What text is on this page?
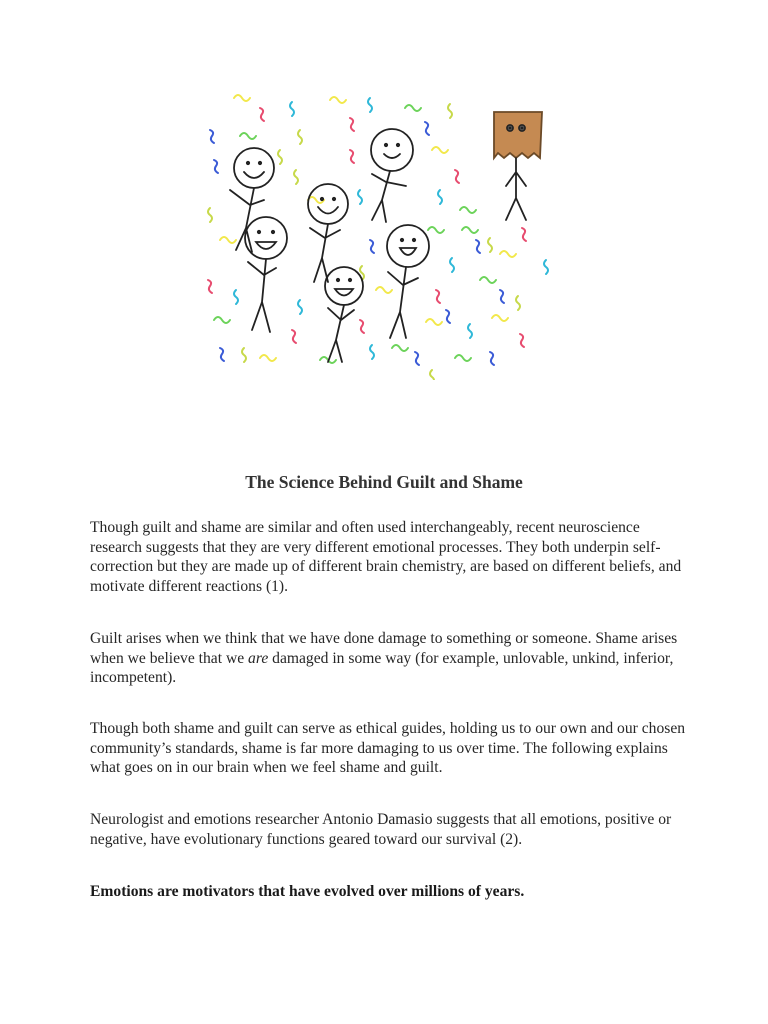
The Science Behind Guilt and Shame

Though guilt and shame are similar and often used interchangeably, recent neuroscience research suggests that they are very different emotional processes. They both underpin self-correction but they are made up of different brain chemistry, are based on different beliefs, and motivate different reactions (1).

Guilt arises when we think that we have done damage to something or someone. Shame arises when we believe that we are damaged in some way (for example, unlovable, unkind, inferior, incompetent).

Though both shame and guilt can serve as ethical guides, holding us to our own and our chosen community’s standards, shame is far more damaging to us over time. The following explains what goes on in our brain when we feel shame and guilt.

Neurologist and emotions researcher Antonio Damasio suggests that all emotions, positive or negative, have evolutionary functions geared toward our survival (2).

Emotions are motivators that have evolved over millions of years.
